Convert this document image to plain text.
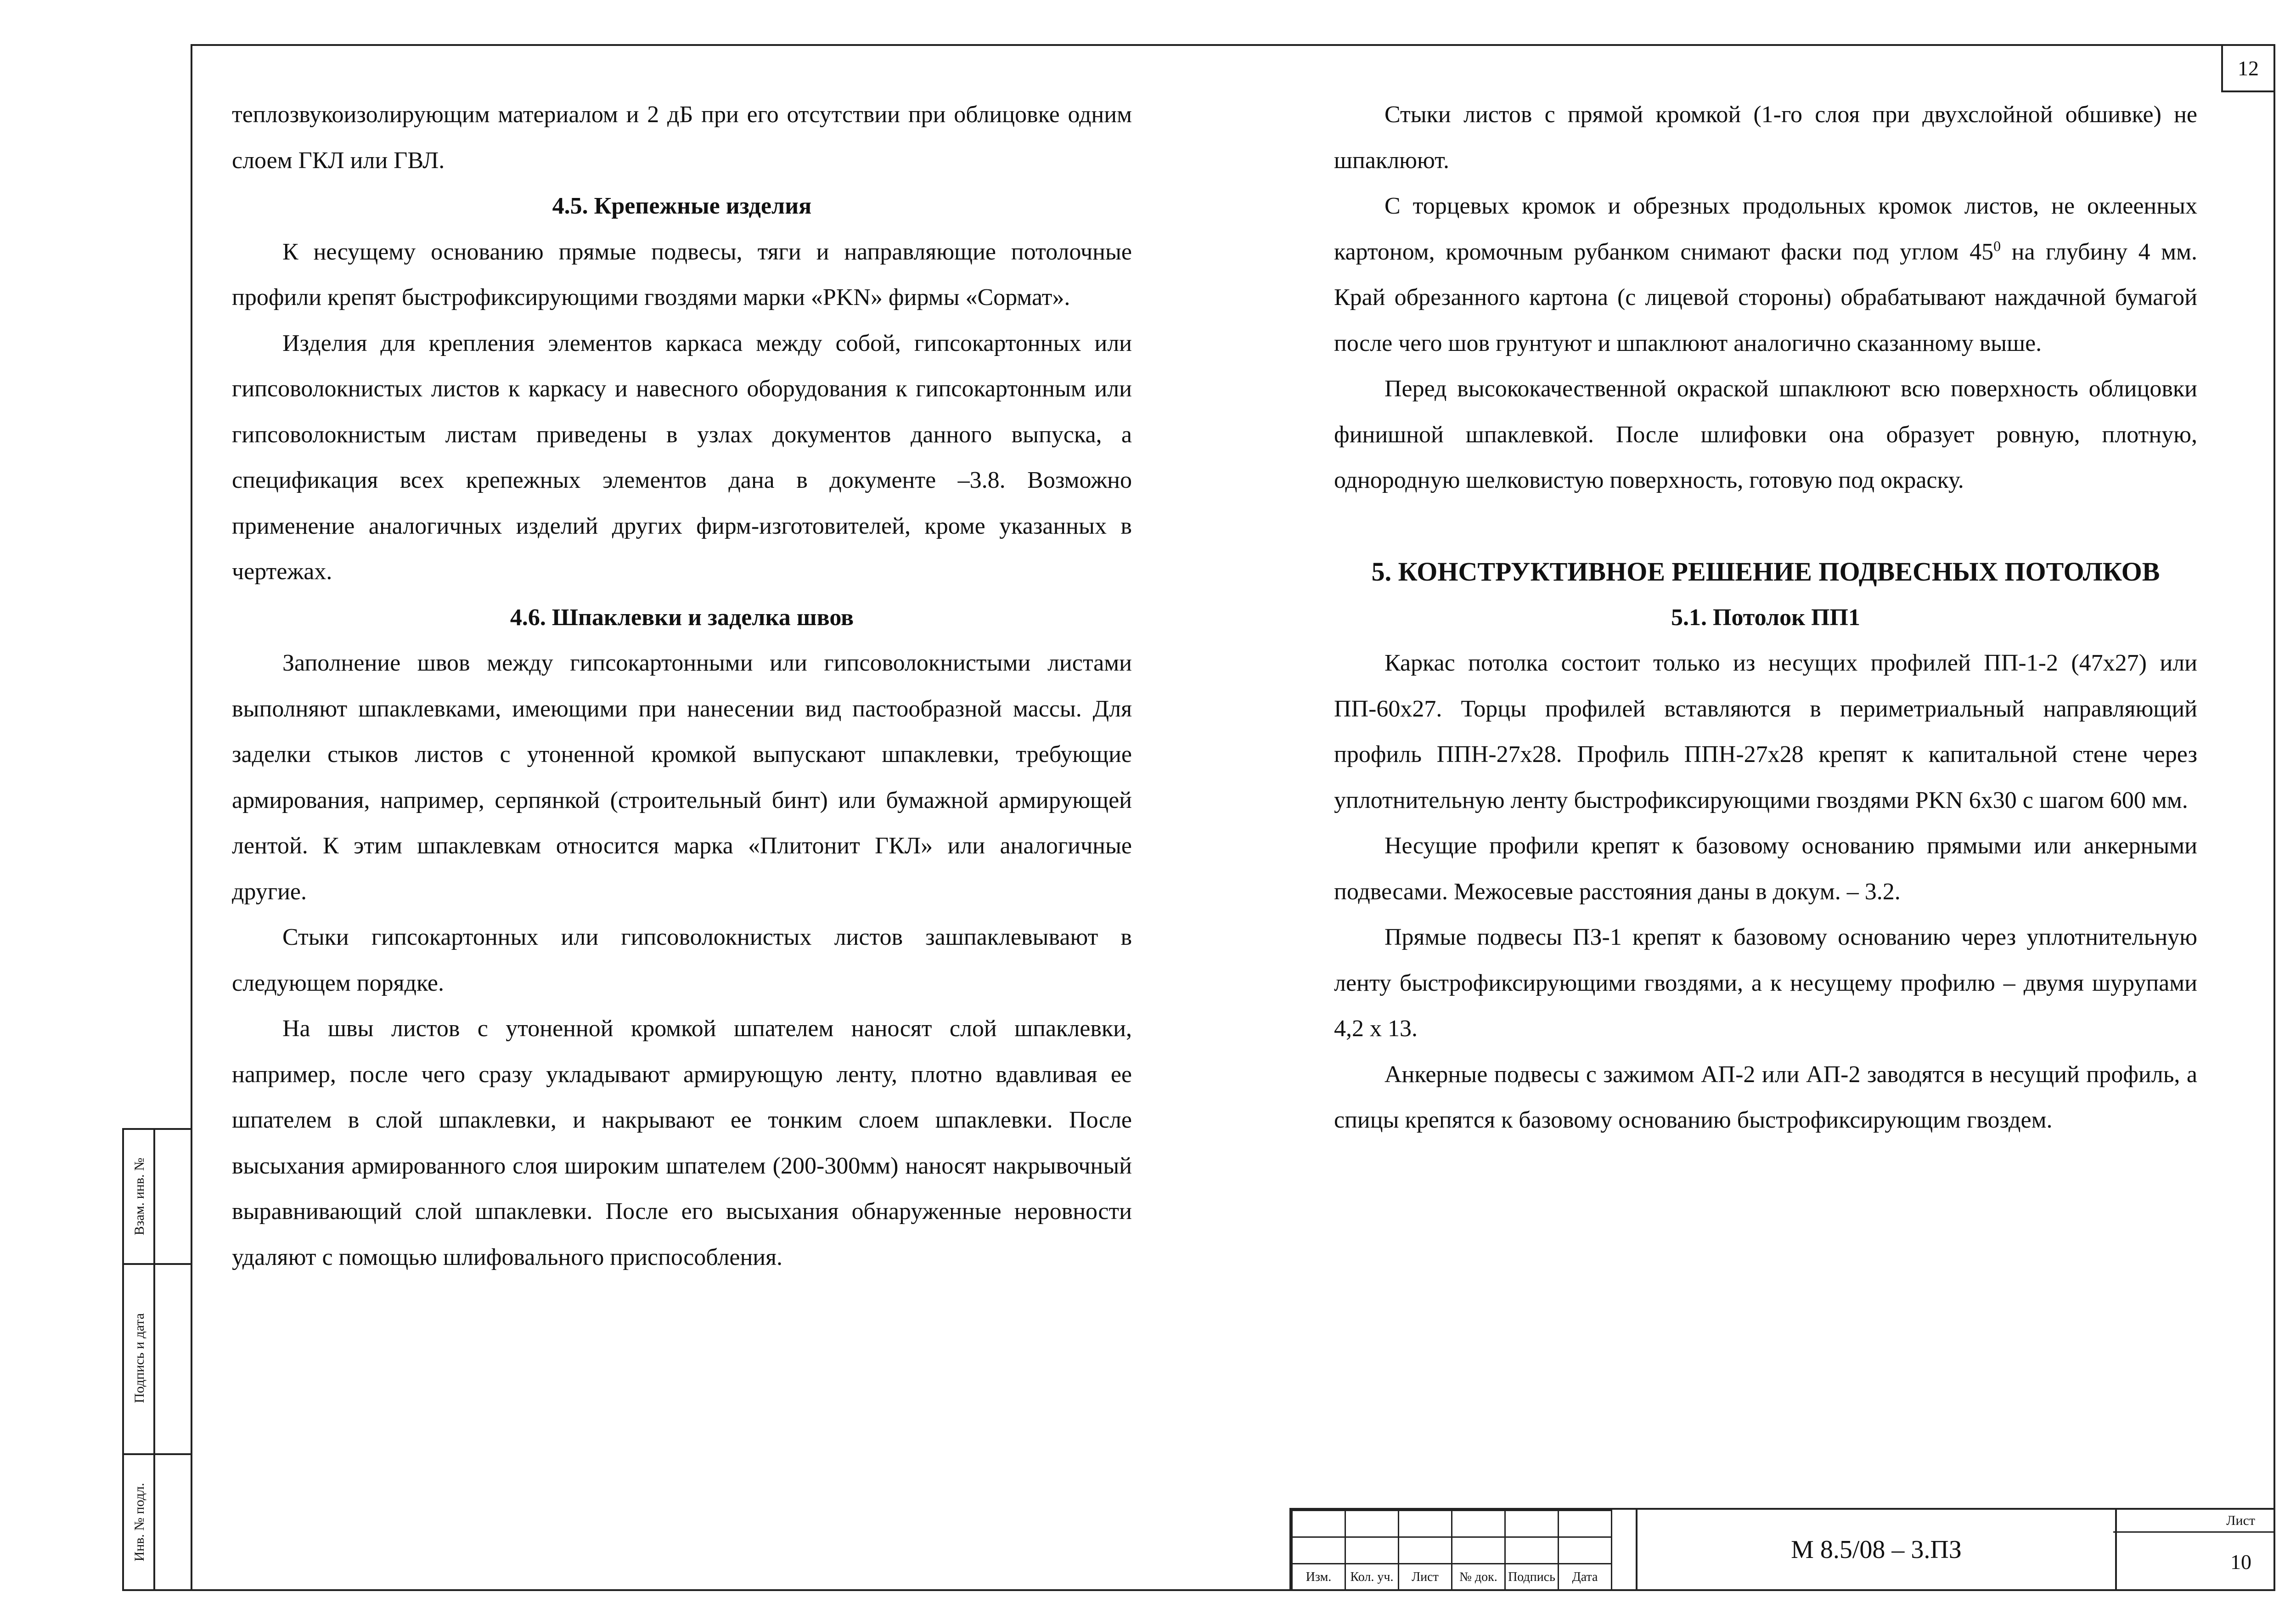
12
Взам. инв. №
Подпись и дата
Инв. № подл.

теплозвукоизолирующим материалом и 2 дБ при его отсутствии при облицовке одним слоем ГКЛ или ГВЛ.

4.5. Крепежные изделия

К несущему основанию прямые подвесы, тяги и направляющие потолочные профили крепят быстрофиксирующими гвоздями марки «PKN» фирмы «Сормат».

Изделия для крепления элементов каркаса между собой, гипсокартонных или гипсоволокнистых листов к каркасу и навесного оборудования к гипсокартонным или гипсоволокнистым листам приведены в узлах документов данного выпуска, а спецификация всех крепежных элементов дана в документе –3.8. Возможно применение аналогичных изделий других фирм-изготовителей, кроме указанных в чертежах.

4.6. Шпаклевки и заделка швов

Заполнение швов между гипсокартонными или гипсоволокнистыми листами выполняют шпаклевками, имеющими при нанесении вид пастообразной массы. Для заделки стыков листов с утоненной кромкой выпускают шпаклевки, требующие армирования, например, серпянкой (строительный бинт) или бумажной армирующей лентой. К этим шпаклевкам относится марка «Плитонит ГКЛ» или аналогичные другие.

Стыки гипсокартонных или гипсоволокнистых листов зашпаклевывают в следующем порядке.

На швы листов с утоненной кромкой шпателем наносят слой шпаклевки, например, после чего сразу укладывают армирующую ленту, плотно вдавливая ее шпателем в слой шпаклевки, и накрывают ее тонким слоем шпаклевки. После высыхания армированного слоя широким шпателем (200-300мм) наносят накрывочный выравнивающий слой шпаклевки. После его высыхания обнаруженные неровности удаляют с помощью шлифовального приспособления.

Стыки листов с прямой кромкой (1-го слоя при двухслойной обшивке) не шпаклюют.

С торцевых кромок и обрезных продольных кромок листов, не оклеенных картоном, кромочным рубанком снимают фаски под углом $45^0$ на глубину 4 мм. Край обрезанного картона (с лицевой стороны) обрабатывают наждачной бумагой после чего шов грунтуют и шпаклюют аналогично сказанному выше.

Перед высококачественной окраской шпаклюют всю поверхность облицовки финишной шпаклевкой. После шлифовки она образует ровную, плотную, однородную шелковистую поверхность, готовую под окраску.

5. КОНСТРУКТИВНОЕ РЕШЕНИЕ ПОДВЕСНЫХ ПОТОЛКОВ
5.1. Потолок ПП1

Каркас потолка состоит только из несущих профилей ПП-1-2 (47х27) или ПП-60х27. Торцы профилей вставляются в периметриальный направляющий профиль ППН-27х28. Профиль ППН-27х28 крепят к капитальной стене через уплотнительную ленту быстрофиксирующими гвоздями PKN 6х30 с шагом 600 мм.

Несущие профили крепят к базовому основанию прямыми или анкерными подвесами. Межосевые расстояния даны в докум. – 3.2.

Прямые подвесы ПЗ-1 крепят к базовому основанию через уплотнительную ленту быстрофиксирующими гвоздями, а к несущему профилю – двумя шурупами 4,2 х 13.

Анкерные подвесы с зажимом АП-2 или АП-2 заводятся в несущий профиль, а спицы крепятся к базовому основанию быстрофиксирующим гвоздем.

Изм.	Кол. уч.	Лист	№ док.	Подпись	Дата
М 8.5/08 – 3.ПЗ
Лист
10
